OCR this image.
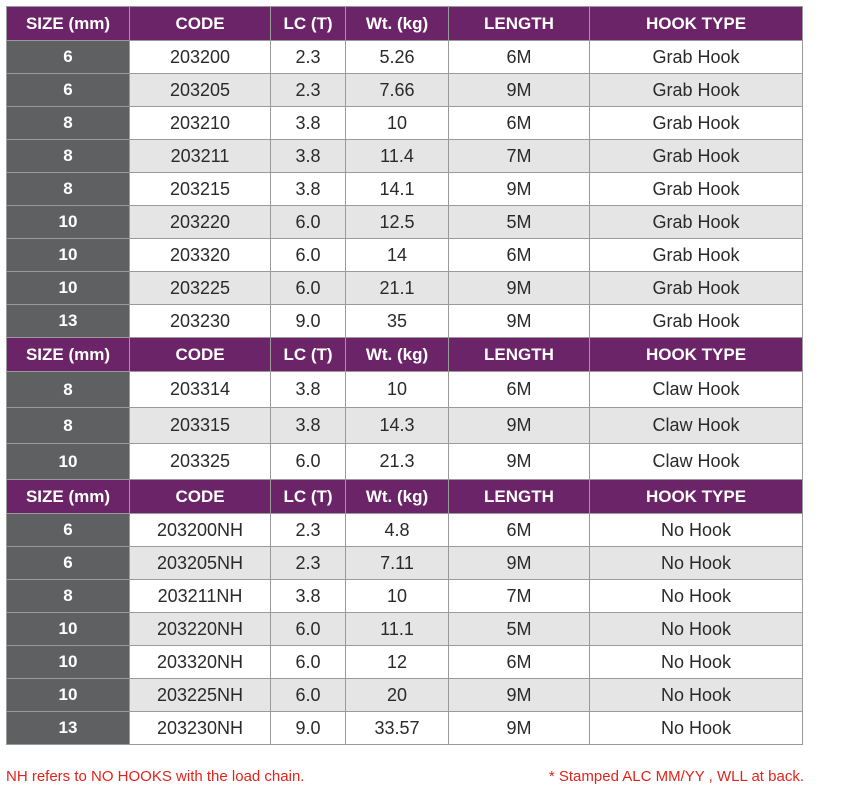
SIZE (mm)	CODE	LC (T)	Wt. (kg)	LENGTH	HOOK TYPE
6	203200	2.3	5.26	6M	Grab Hook
6	203205	2.3	7.66	9M	Grab Hook
8	203210	3.8	10	6M	Grab Hook
8	203211	3.8	11.4	7M	Grab Hook
8	203215	3.8	14.1	9M	Grab Hook
10	203220	6.0	12.5	5M	Grab Hook
10	203320	6.0	14	6M	Grab Hook
10	203225	6.0	21.1	9M	Grab Hook
13	203230	9.0	35	9M	Grab Hook
SIZE (mm)	CODE	LC (T)	Wt. (kg)	LENGTH	HOOK TYPE
8	203314	3.8	10	6M	Claw Hook
8	203315	3.8	14.3	9M	Claw Hook
10	203325	6.0	21.3	9M	Claw Hook
SIZE (mm)	CODE	LC (T)	Wt. (kg)	LENGTH	HOOK TYPE
6	203200NH	2.3	4.8	6M	No Hook
6	203205NH	2.3	7.11	9M	No Hook
8	203211NH	3.8	10	7M	No Hook
10	203220NH	6.0	11.1	5M	No Hook
10	203320NH	6.0	12	6M	No Hook
10	203225NH	6.0	20	9M	No Hook
13	203230NH	9.0	33.57	9M	No Hook
NH refers to NO HOOKS with the load chain.	* Stamped ALC MM/YY , WLL at back.
